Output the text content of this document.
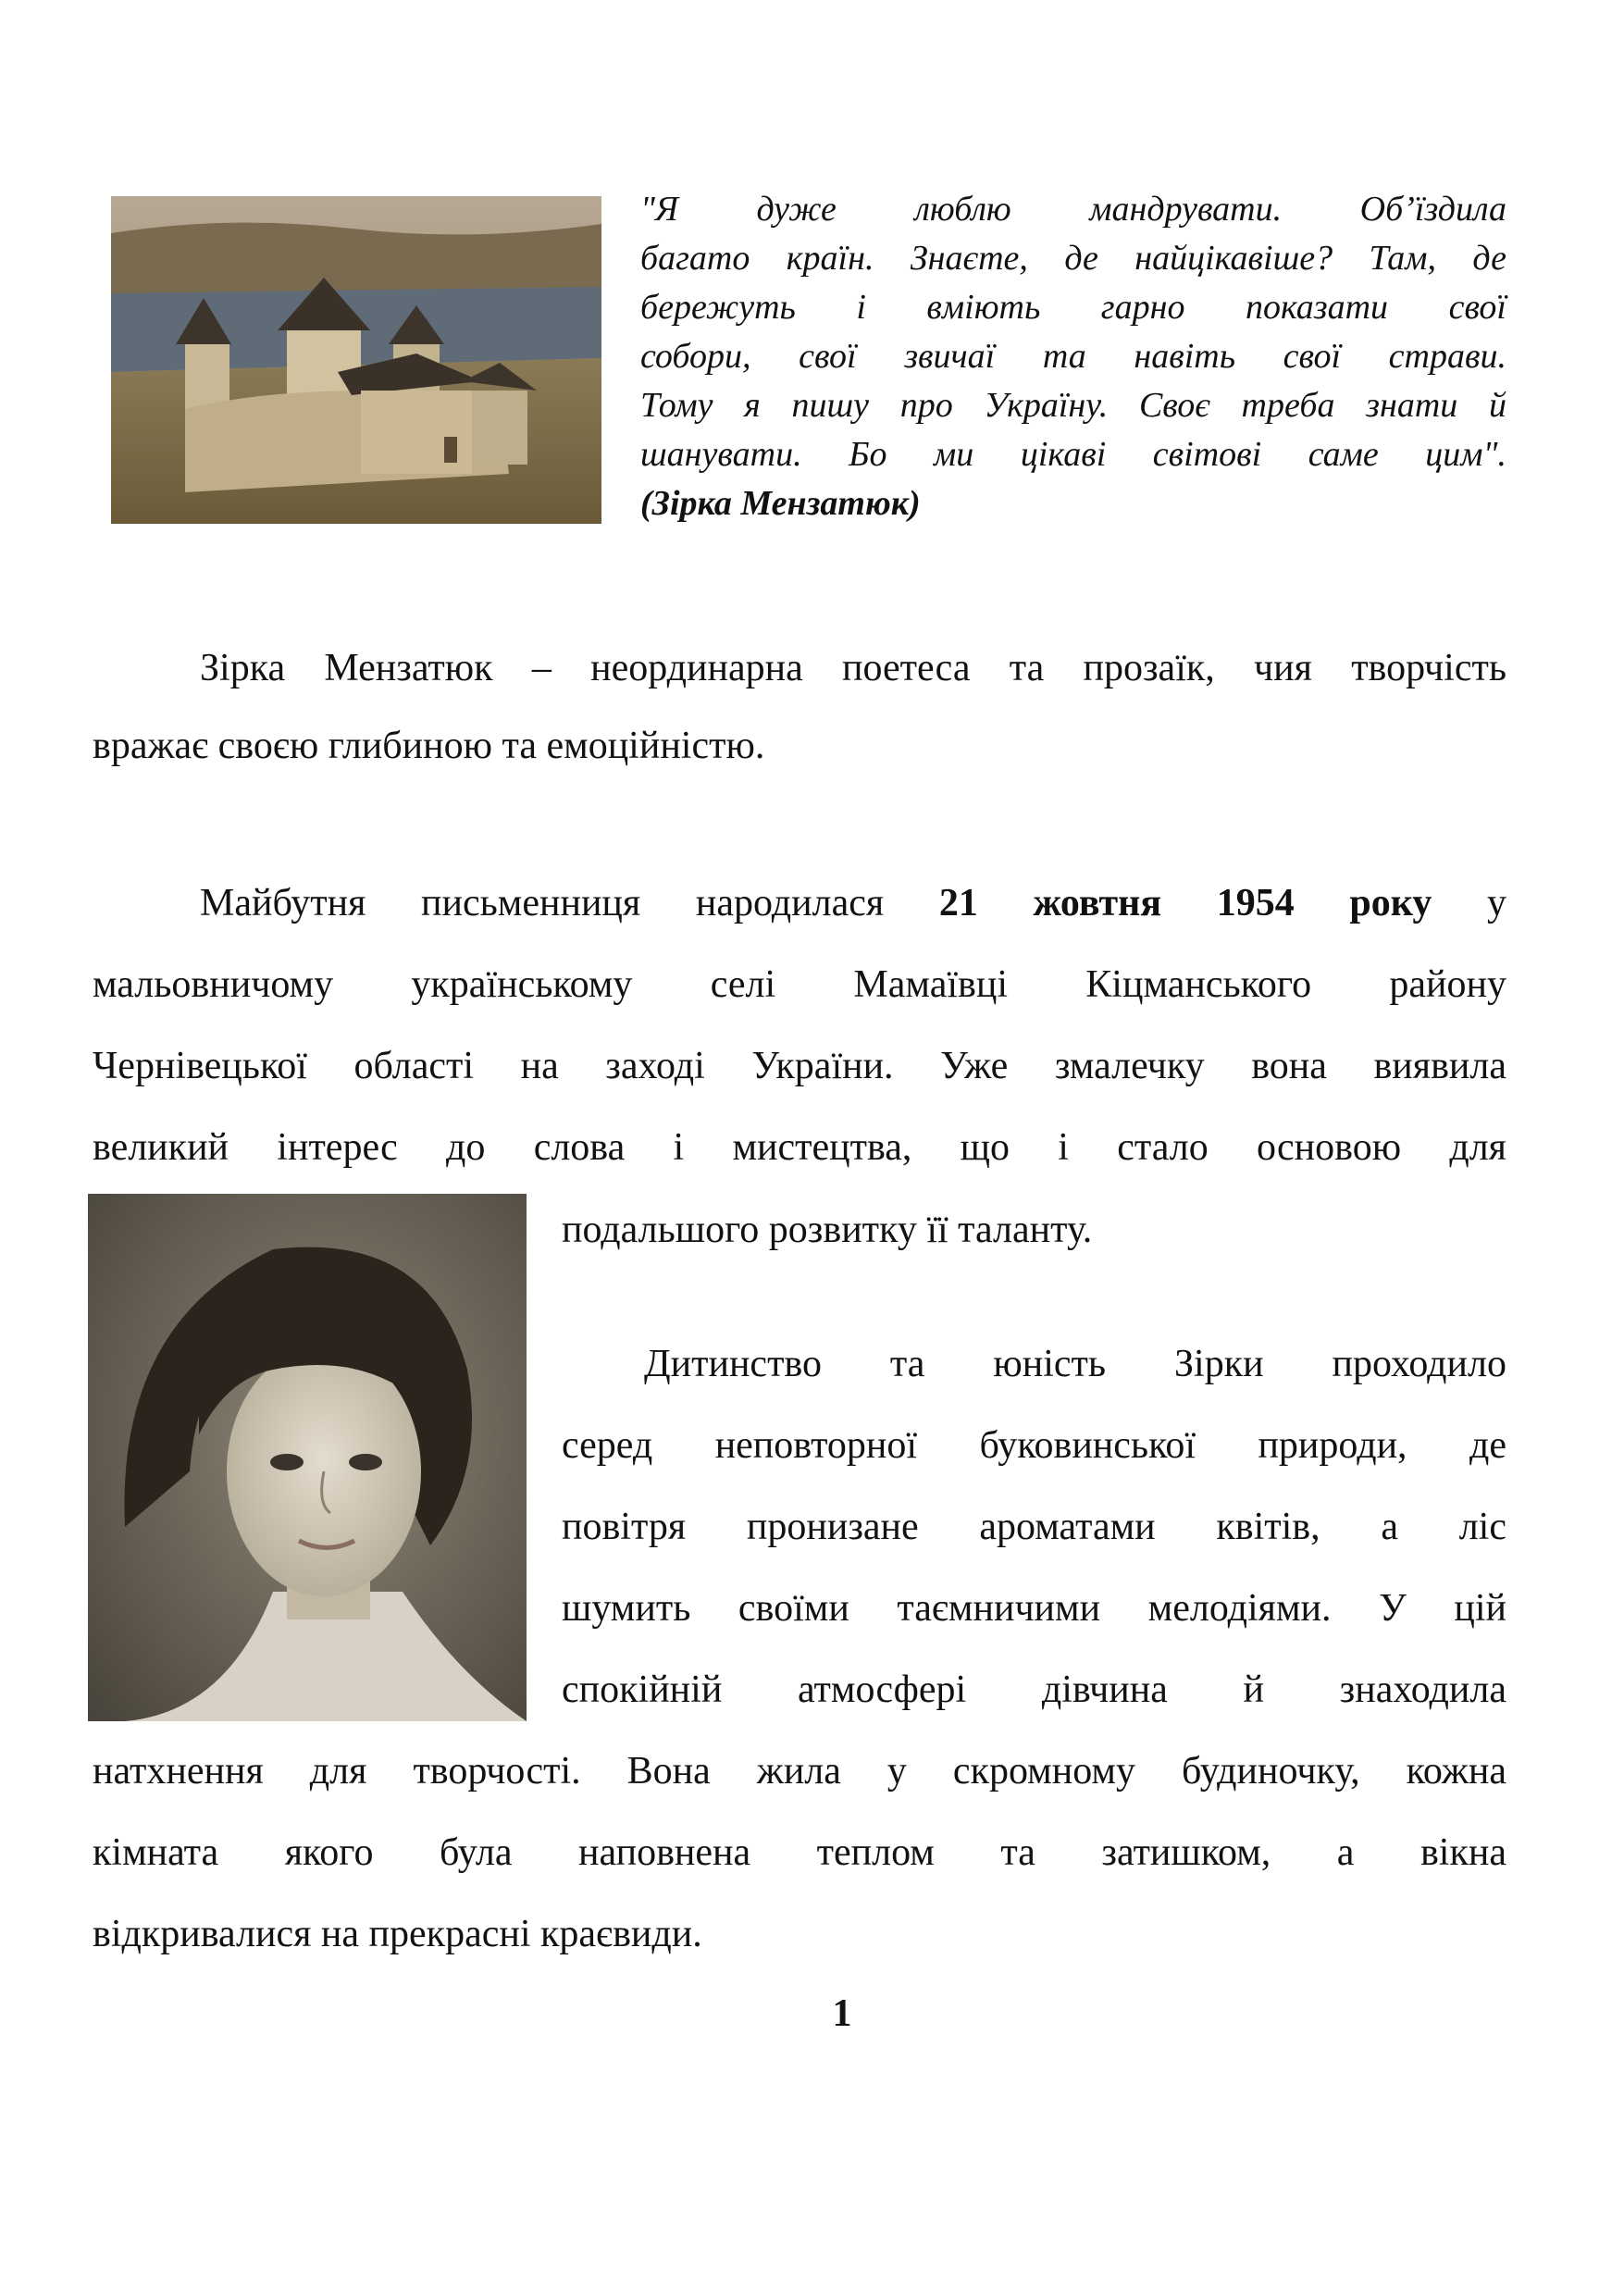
"Я дуже люблю мандрувати. Об’їздила
багато країн. Знаєте, де найцікавіше? Там, де
бережуть і вміють гарно показати свої
собори, свої звичаї та навіть свої страви.
Тому я пишу про Україну. Своє треба знати й
шанувати. Бо ми цікаві світові саме цим".
(Зірка Мензатюк)
Зірка Мензатюк – неординарна поетеса та прозаїк, чия творчість
вражає своєю глибиною та емоційністю.
Майбутня письменниця народилася 21 жовтня 1954 року у
мальовничому українському селі Мамаївці Кіцманського району
Чернівецької області на заході України. Уже змалечку вона виявила
великий інтерес до слова і мистецтва, що і стало основою для
подальшого розвитку її таланту.
Дитинство та юність Зірки проходило
серед неповторної буковинської природи, де
повітря пронизане ароматами квітів, а ліс
шумить своїми таємничими мелодіями. У цій
спокійній атмосфері дівчина й знаходила
натхнення для творчості. Вона жила у скромному будиночку, кожна
кімната якого була наповнена теплом та затишком, а вікна
відкривалися на прекрасні краєвиди.
1
